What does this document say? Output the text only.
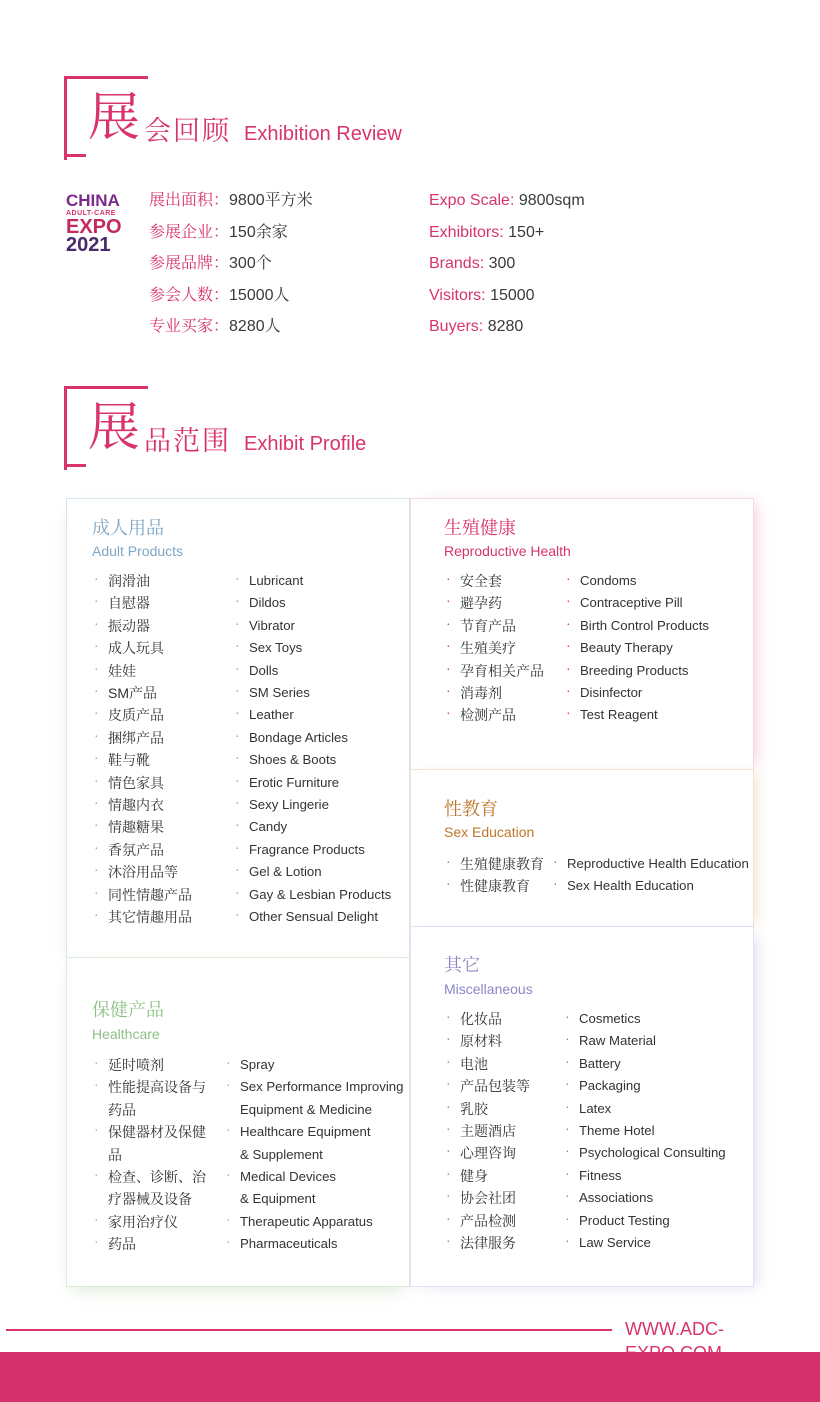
展 会回顾 Exhibition Review
CHINA
ADULT-CARE
EXPO
2021
展出面积：9800平方米
参展企业：150余家
参展品牌：300个
参会人数：15000人
专业买家：8280人
Expo Scale: 9800sqm
Exhibitors: 150+
Brands: 300
Visitors: 15000
Buyers: 8280
展 品范围 Exhibit Profile
成人用品
Adult Products
· 润滑油
· 自慰器
· 振动器
· 成人玩具
· 娃娃
· SM产品
· 皮质产品
· 捆绑产品
· 鞋与靴
· 情色家具
· 情趣内衣
· 情趣糖果
· 香氛产品
· 沐浴用品等
· 同性情趣产品
· 其它情趣用品
· Lubricant
· Dildos
· Vibrator
· Sex Toys
· Dolls
· SM Series
· Leather
· Bondage Articles
· Shoes & Boots
· Erotic Furniture
· Sexy Lingerie
· Candy
· Fragrance Products
· Gel & Lotion
· Gay & Lesbian Products
· Other Sensual Delight
生殖健康
Reproductive Health
· 安全套
· 避孕药
· 节育产品
· 生殖美疗
· 孕育相关产品
· 消毒剂
· 检测产品
· Condoms
· Contraceptive Pill
· Birth Control Products
· Beauty Therapy
· Breeding Products
· Disinfector
· Test Reagent
性教育
Sex Education
· 生殖健康教育
· 性健康教育
· Reproductive Health Education
· Sex Health Education
保健产品
Healthcare
· 延时喷剂
· 性能提高设备与
药品
· 保健器材及保健
品
· 检查、诊断、治
疗器械及设备
· 家用治疗仪
· 药品
· Spray
· Sex Performance Improving
Equipment & Medicine
· Healthcare Equipment
& Supplement
· Medical Devices
& Equipment
· Therapeutic Apparatus
· Pharmaceuticals
其它
Miscellaneous
· 化妆品
· 原材料
· 电池
· 产品包装等
· 乳胶
· 主题酒店
· 心理咨询
· 健身
· 协会社团
· 产品检测
· 法律服务
· Cosmetics
· Raw Material
· Battery
· Packaging
· Latex
· Theme Hotel
· Psychological Consulting
· Fitness
· Associations
· Product Testing
· Law Service
WWW.ADC-
